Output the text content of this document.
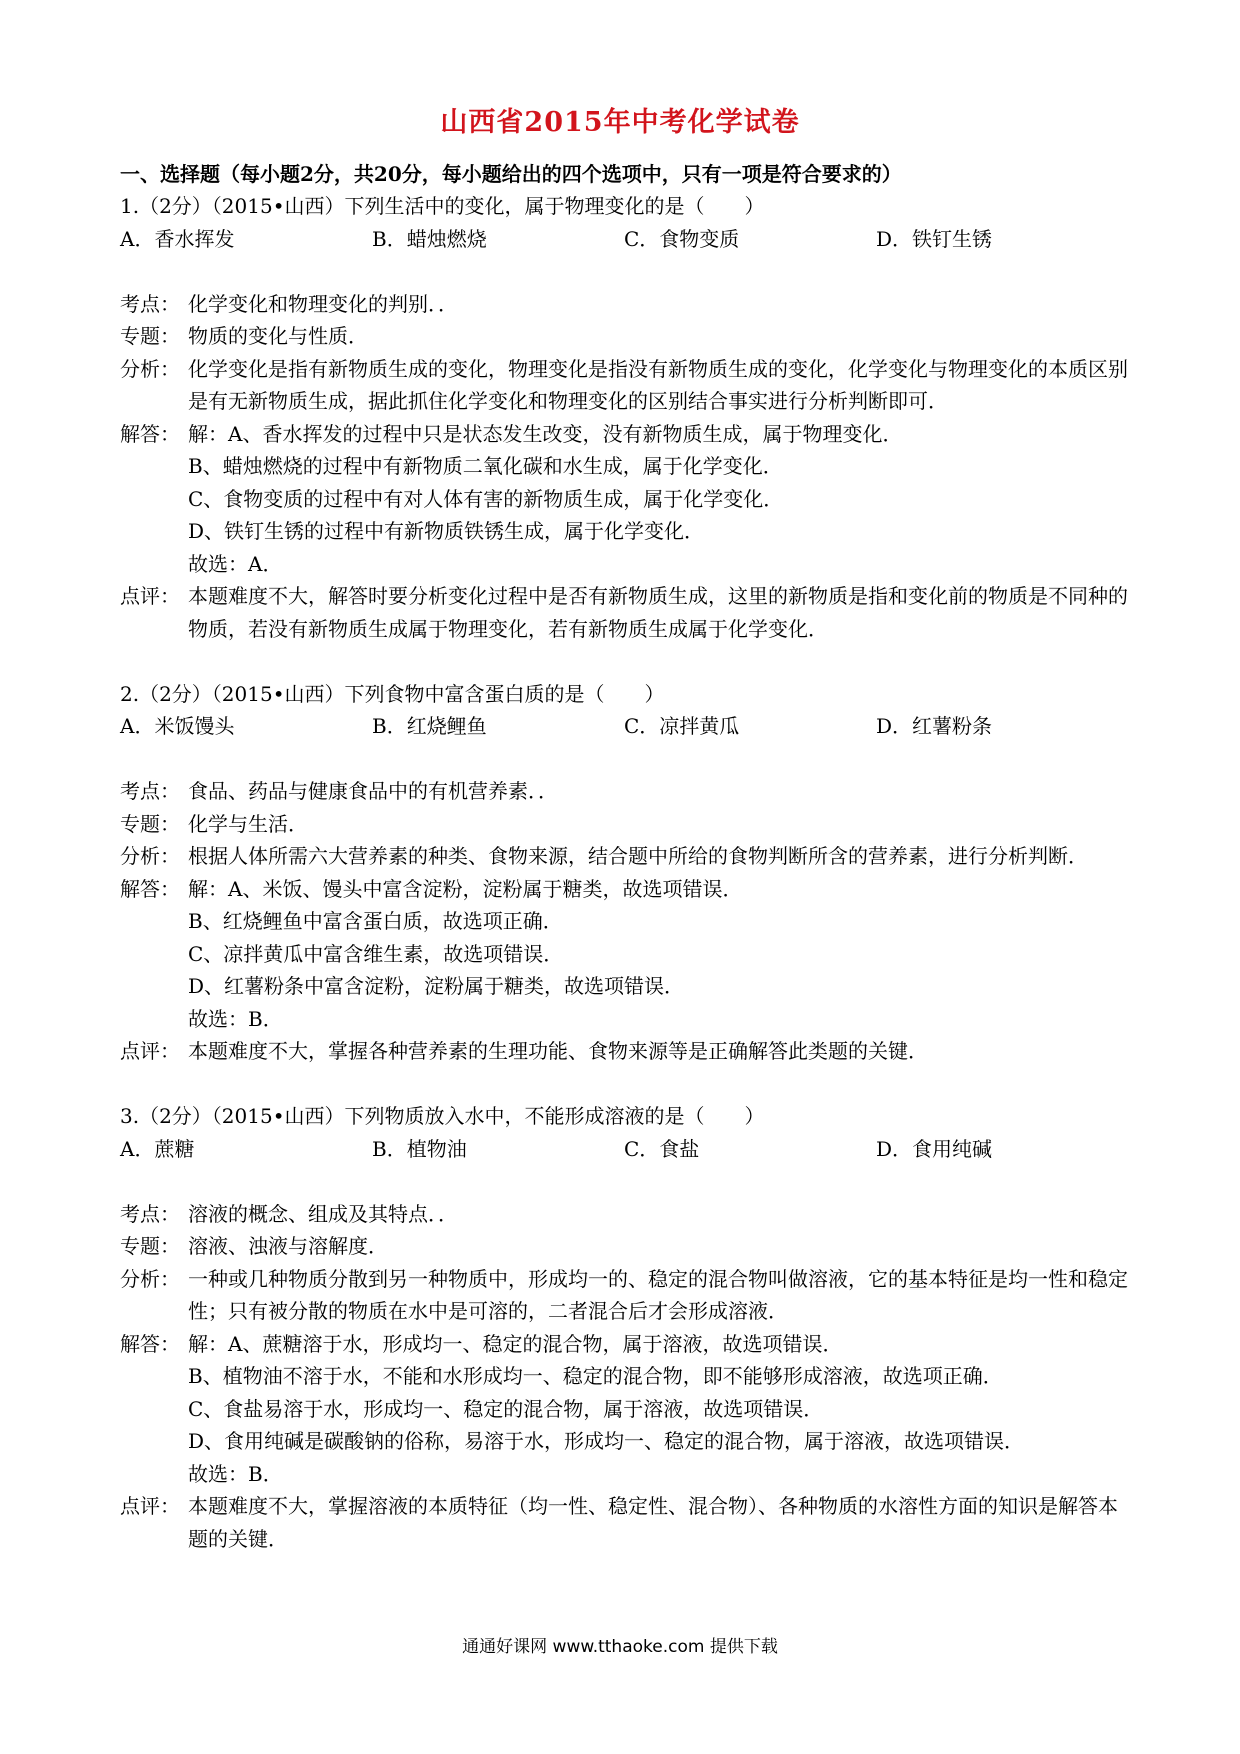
山西省2015年中考化学试卷
一、选择题（每小题2分，共20分，每小题给出的四个选项中，只有一项是符合要求的）
1.（2分）（2015•山西）下列生活中的变化，属于物理变化的是（　　）
A．香水挥发	B．蜡烛燃烧	C．食物变质	D．铁钉生锈
考点： 化学变化和物理变化的判别．．
专题： 物质的变化与性质．
分析： 化学变化是指有新物质生成的变化，物理变化是指没有新物质生成的变化，化学变化与物理变化的本质区别是有无新物质生成，据此抓住化学变化和物理变化的区别结合事实进行分析判断即可．
解答： 解：A、香水挥发的过程中只是状态发生改变，没有新物质生成，属于物理变化．
B、蜡烛燃烧的过程中有新物质二氧化碳和水生成，属于化学变化．
C、食物变质的过程中有对人体有害的新物质生成，属于化学变化．
D、铁钉生锈的过程中有新物质铁锈生成，属于化学变化．
故选：A．
点评： 本题难度不大，解答时要分析变化过程中是否有新物质生成，这里的新物质是指和变化前的物质是不同种的物质，若没有新物质生成属于物理变化，若有新物质生成属于化学变化．
2.（2分）（2015•山西）下列食物中富含蛋白质的是（　　）
A．米饭馒头	B．红烧鲤鱼	C．凉拌黄瓜	D．红薯粉条
考点： 食品、药品与健康食品中的有机营养素．．
专题： 化学与生活．
分析： 根据人体所需六大营养素的种类、食物来源，结合题中所给的食物判断所含的营养素，进行分析判断．
解答： 解：A、米饭、馒头中富含淀粉，淀粉属于糖类，故选项错误．
B、红烧鲤鱼中富含蛋白质，故选项正确．
C、凉拌黄瓜中富含维生素，故选项错误．
D、红薯粉条中富含淀粉，淀粉属于糖类，故选项错误．
故选：B．
点评： 本题难度不大，掌握各种营养素的生理功能、食物来源等是正确解答此类题的关键．
3.（2分）（2015•山西）下列物质放入水中，不能形成溶液的是（　　）
A．蔗糖	B．植物油	C．食盐	D．食用纯碱
考点： 溶液的概念、组成及其特点．．
专题： 溶液、浊液与溶解度．
分析： 一种或几种物质分散到另一种物质中，形成均一的、稳定的混合物叫做溶液，它的基本特征是均一性和稳定性；只有被分散的物质在水中是可溶的，二者混合后才会形成溶液．
解答： 解：A、蔗糖溶于水，形成均一、稳定的混合物，属于溶液，故选项错误．
B、植物油不溶于水，不能和水形成均一、稳定的混合物，即不能够形成溶液，故选项正确．
C、食盐易溶于水，形成均一、稳定的混合物，属于溶液，故选项错误．
D、食用纯碱是碳酸钠的俗称，易溶于水，形成均一、稳定的混合物，属于溶液，故选项错误．
故选：B．
点评： 本题难度不大，掌握溶液的本质特征（均一性、稳定性、混合物）、各种物质的水溶性方面的知识是解答本题的关键．
通通好课网 www.tthaoke.com 提供下载
